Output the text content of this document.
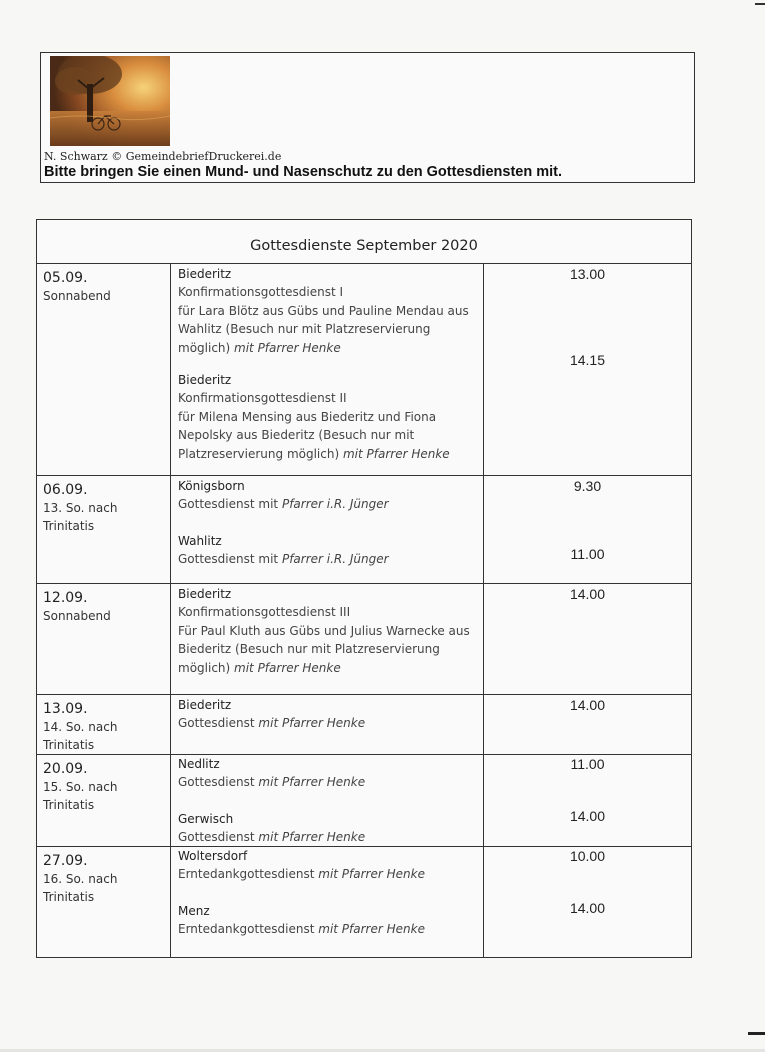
N. Schwarz © GemeindebriefDruckerei.de
Bitte bringen Sie einen Mund- und Nasenschutz zu den Gottesdiensten mit.
Gottesdienste September 2020
05.09.
Sonnabend
Biederitz
Konfirmationsgottesdienst I
für Lara Blötz aus Gübs und Pauline Mendau aus Wahlitz (Besuch nur mit Platzreservierung möglich) mit Pfarrer Henke
Biederitz
Konfirmationsgottesdienst II
für Milena Mensing aus Biederitz und Fiona Nepolsky aus Biederitz (Besuch nur mit Platzreservierung möglich) mit Pfarrer Henke
13.00
14.15
06.09.
13. So. nach Trinitatis
Königsborn
Gottesdienst mit Pfarrer i.R. Jünger
Wahlitz
Gottesdienst mit Pfarrer i.R. Jünger
9.30
11.00
12.09.
Sonnabend
Biederitz
Konfirmationsgottesdienst III
Für Paul Kluth aus Gübs und Julius Warnecke aus Biederitz (Besuch nur mit Platzreservierung möglich) mit Pfarrer Henke
14.00
13.09.
14. So. nach Trinitatis
Biederitz
Gottesdienst mit Pfarrer Henke
14.00
20.09.
15. So. nach Trinitatis
Nedlitz
Gottesdienst mit Pfarrer Henke
Gerwisch
Gottesdienst mit Pfarrer Henke
11.00
14.00
27.09.
16. So. nach Trinitatis
Woltersdorf
Erntedankgottesdienst mit Pfarrer Henke
Menz
Erntedankgottesdienst mit Pfarrer Henke
10.00
14.00
